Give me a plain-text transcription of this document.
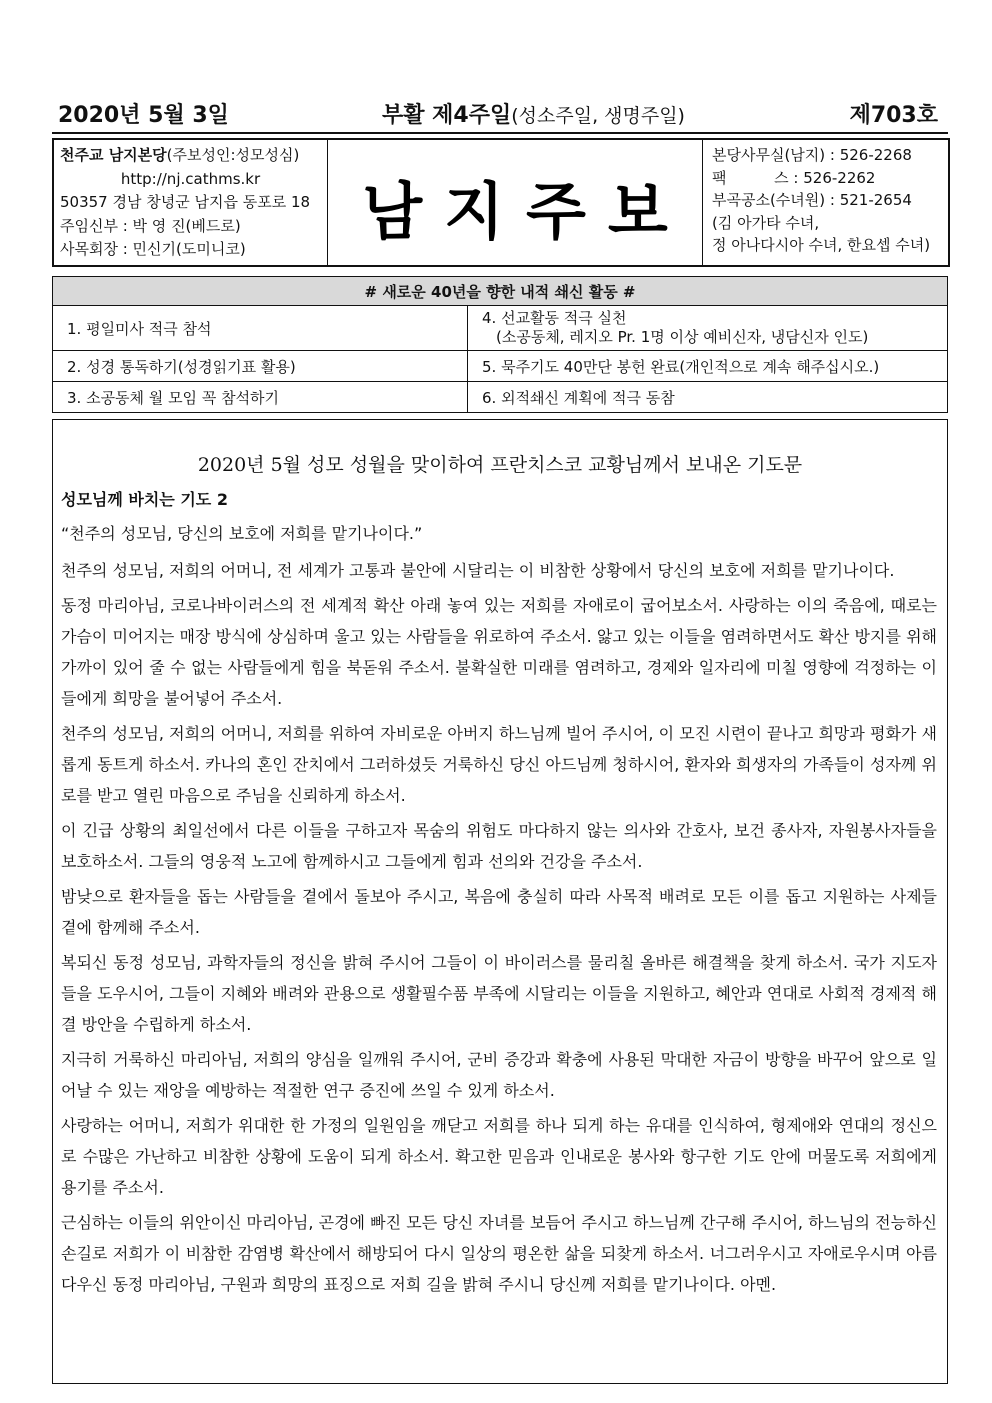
2020년 5월 3일	부활 제4주일(성소주일, 생명주일)	제703호
천주교 남지본당(주보성인:성모성심)
http://nj.cathms.kr
50357 경남 창녕군 남지읍 동포로 18
주임신부 : 박 영 진(베드로)
사목회장 : 민신기(도미니코)
남지주보
본당사무실(남지) : 526-2268
팩          스 : 526-2262
부곡공소(수녀원) : 521-2654
(김 아가타 수녀,
정 아나다시아 수녀, 한요셉 수녀)
# 새로운 40년을 향한 내적 쇄신 활동 #	
1. 평일미사 적극 참석	4. 선교활동 적극 실천
(소공동체, 레지오 Pr. 1명 이상 예비신자, 냉담신자 인도)

2. 성경 통독하기(성경읽기표 활용)	5. 묵주기도 40만단 봉헌 완료(개인적으로 계속 해주십시오.)
3. 소공동체 월 모임 꼭 참석하기	6. 외적쇄신 계획에 적극 동참
2020년 5월 성모 성월을 맞이하여 프란치스코 교황님께서 보내온 기도문
성모님께 바치는 기도 2

“천주의 성모님, 당신의 보호에 저희를 맡기나이다.”

천주의 성모님, 저희의 어머니, 전 세계가 고통과 불안에 시달리는 이 비참한 상황에서 당신의 보호에 저희를 맡기나이다.

동정 마리아님, 코로나바이러스의 전 세계적 확산 아래 놓여 있는 저희를 자애로이 굽어보소서. 사랑하는 이의 죽음에, 때로는 가슴이 미어지는 매장 방식에 상심하며 울고 있는 사람들을 위로하여 주소서. 앓고 있는 이들을 염려하면서도 확산 방지를 위해 가까이 있어 줄 수 없는 사람들에게 힘을 북돋워 주소서. 불확실한 미래를 염려하고, 경제와 일자리에 미칠 영향에 걱정하는 이들에게 희망을 불어넣어 주소서.

천주의 성모님, 저희의 어머니, 저희를 위하여 자비로운 아버지 하느님께 빌어 주시어, 이 모진 시련이 끝나고 희망과 평화가 새롭게 동트게 하소서. 카나의 혼인 잔치에서 그러하셨듯 거룩하신 당신 아드님께 청하시어, 환자와 희생자의 가족들이 성자께 위로를 받고 열린 마음으로 주님을 신뢰하게 하소서.

이 긴급 상황의 최일선에서 다른 이들을 구하고자 목숨의 위험도 마다하지 않는 의사와 간호사, 보건 종사자, 자원봉사자들을 보호하소서. 그들의 영웅적 노고에 함께하시고 그들에게 힘과 선의와 건강을 주소서.

밤낮으로 환자들을 돕는 사람들을 곁에서 돌보아 주시고, 복음에 충실히 따라 사목적 배려로 모든 이를 돕고 지원하는 사제들 곁에 함께해 주소서.

복되신 동정 성모님, 과학자들의 정신을 밝혀 주시어 그들이 이 바이러스를 물리칠 올바른 해결책을 찾게 하소서. 국가 지도자들을 도우시어, 그들이 지혜와 배려와 관용으로 생활필수품 부족에 시달리는 이들을 지원하고, 혜안과 연대로 사회적 경제적 해결 방안을 수립하게 하소서.

지극히 거룩하신 마리아님, 저희의 양심을 일깨워 주시어, 군비 증강과 확충에 사용된 막대한 자금이 방향을 바꾸어 앞으로 일어날 수 있는 재앙을 예방하는 적절한 연구 증진에 쓰일 수 있게 하소서.

사랑하는 어머니, 저희가 위대한 한 가정의 일원임을 깨닫고 저희를 하나 되게 하는 유대를 인식하여, 형제애와 연대의 정신으로 수많은 가난하고 비참한 상황에 도움이 되게 하소서. 확고한 믿음과 인내로운 봉사와 항구한 기도 안에 머물도록 저희에게 용기를 주소서.

근심하는 이들의 위안이신 마리아님, 곤경에 빠진 모든 당신 자녀를 보듬어 주시고 하느님께 간구해 주시어, 하느님의 전능하신 손길로 저희가 이 비참한 감염병 확산에서 해방되어 다시 일상의 평온한 삶을 되찾게 하소서. 너그러우시고 자애로우시며 아름다우신 동정 마리아님, 구원과 희망의 표징으로 저희 길을 밝혀 주시니 당신께 저희를 맡기나이다. 아멘.
